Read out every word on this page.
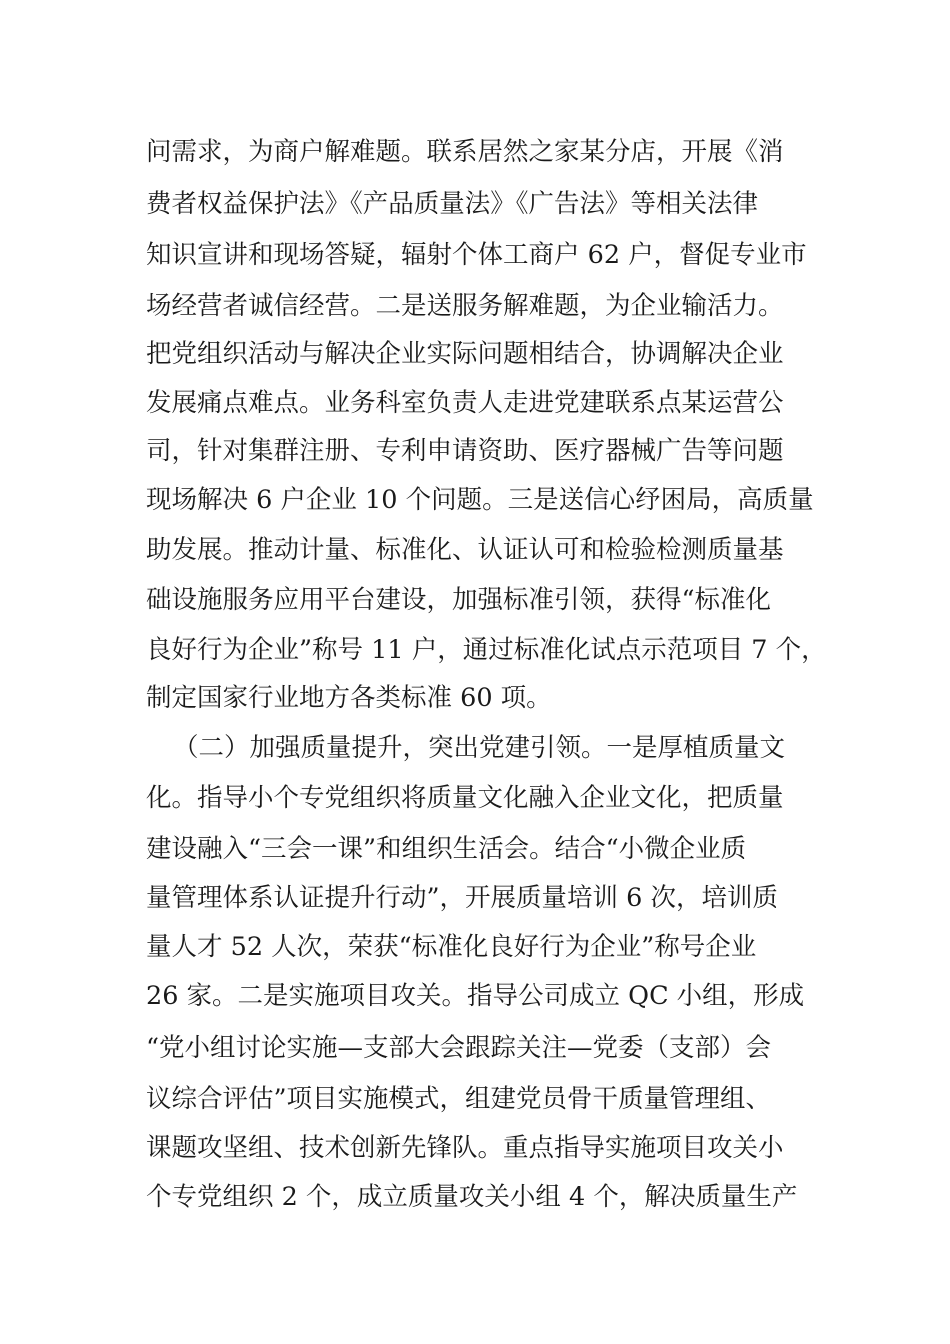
问需求，为商户解难题。联系居然之家某分店，开展《消
费者权益保护法》《产品质量法》《广告法》等相关法律
知识宣讲和现场答疑，辐射个体工商户 62 户，督促专业市
场经营者诚信经营。二是送服务解难题，为企业输活力。
把党组织活动与解决企业实际问题相结合，协调解决企业
发展痛点难点。业务科室负责人走进党建联系点某运营公
司，针对集群注册、专利申请资助、医疗器械广告等问题
现场解决 6 户企业 10 个问题。三是送信心纾困局，高质量
助发展。推动计量、标准化、认证认可和检验检测质量基
础设施服务应用平台建设，加强标准引领，获得“标准化
良好行为企业”称号 11 户，通过标准化试点示范项目 7 个，
制定国家行业地方各类标准 60 项。
（二）加强质量提升，突出党建引领。一是厚植质量文
化。指导小个专党组织将质量文化融入企业文化，把质量
建设融入“三会一课”和组织生活会。结合“小微企业质
量管理体系认证提升行动”，开展质量培训 6 次，培训质
量人才 52 人次，荣获“标准化良好行为企业”称号企业
26 家。二是实施项目攻关。指导公司成立 QC 小组，形成
“党小组讨论实施—支部大会跟踪关注—党委（支部）会
议综合评估”项目实施模式，组建党员骨干质量管理组、
课题攻坚组、技术创新先锋队。重点指导实施项目攻关小
个专党组织 2 个，成立质量攻关小组 4 个，解决质量生产
